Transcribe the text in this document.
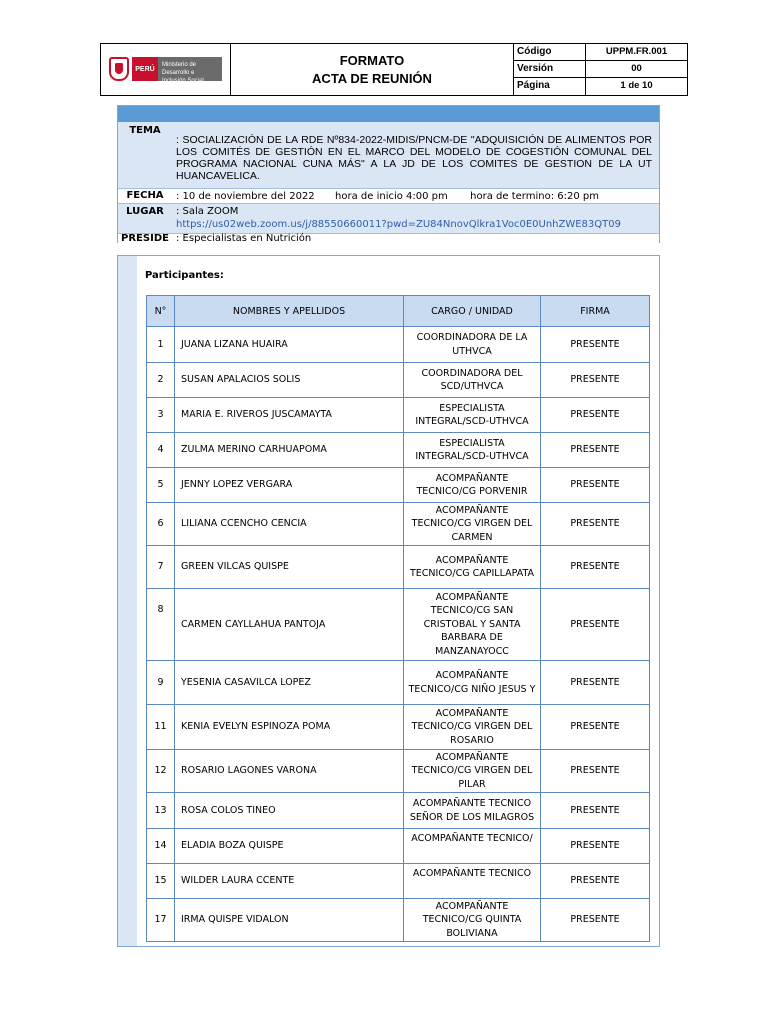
PERÚ
Ministerio de Desarrollo e Inclusión Social
FORMATO
ACTA DE REUNIÓN
Código	UPPM.FR.001
Versión	00
Página	1 de 10
TEMA
: SOCIALIZACIÓN DE LA RDE Nº834-2022-MIDIS/PNCM-DE "ADQUISICIÓN DE ALIMENTOS POR LOS COMITÉS DE GESTIÓN EN EL MARCO DEL MODELO DE COGESTIÓN COMUNAL DEL PROGRAMA NACIONAL CUNA MÁS" A LA JD DE LOS COMITES DE GESTION DE LA UT HUANCAVELICA.
FECHA	: 10 de noviembre del 2022 hora de inicio 4:00 pm hora de termino: 6:20 pm
LUGAR	: Sala ZOOM
https://us02web.zoom.us/j/88550660011?pwd=ZU84NnovQlkra1Voc0E0UnhZWE83QT09
PRESIDE : Especialistas en Nutrición
Participantes:
N°	NOMBRES Y APELLIDOS	CARGO / UNIDAD	FIRMA
1	JUANA LIZANA HUAIRA	COORDINADORA DE LA UTHVCA	PRESENTE
2	SUSAN APALACIOS SOLIS	COORDINADORA DEL SCD/UTHVCA	PRESENTE
3	MARIA E. RIVEROS JUSCAMAYTA	ESPECIALISTA INTEGRAL/SCD-UTHVCA	PRESENTE
4	ZULMA MERINO CARHUAPOMA	ESPECIALISTA INTEGRAL/SCD-UTHVCA	PRESENTE
5	JENNY LOPEZ VERGARA	ACOMPAÑANTE TECNICO/CG PORVENIR	PRESENTE
6	LILIANA CCENCHO CENCIA	ACOMPAÑANTE TECNICO/CG VIRGEN DEL CARMEN	PRESENTE
7	GREEN VILCAS QUISPE	ACOMPAÑANTE TECNICO/CG CAPILLAPATA	PRESENTE
8	CARMEN CAYLLAHUA PANTOJA	ACOMPAÑANTE TECNICO/CG SAN CRISTOBAL Y SANTA BARBARA DE MANZANAYOCC	PRESENTE
9	YESENIA CASAVILCA LOPEZ	ACOMPAÑANTE TECNICO/CG NIÑO JESUS Y	PRESENTE
11	KENIA EVELYN ESPINOZA POMA	ACOMPAÑANTE TECNICO/CG VIRGEN DEL ROSARIO	PRESENTE
12	ROSARIO LAGONES VARONA	ACOMPAÑANTE TECNICO/CG VIRGEN DEL PILAR	PRESENTE
13	ROSA COLOS TINEO	ACOMPAÑANTE TECNICO SEÑOR DE LOS MILAGROS	PRESENTE
14	ELADIA BOZA QUISPE	ACOMPAÑANTE TECNICO/	PRESENTE
15	WILDER LAURA CCENTE	ACOMPAÑANTE TECNICO	PRESENTE
17	IRMA QUISPE VIDALON	ACOMPAÑANTE TECNICO/CG QUINTA BOLIVIANA	PRESENTE
